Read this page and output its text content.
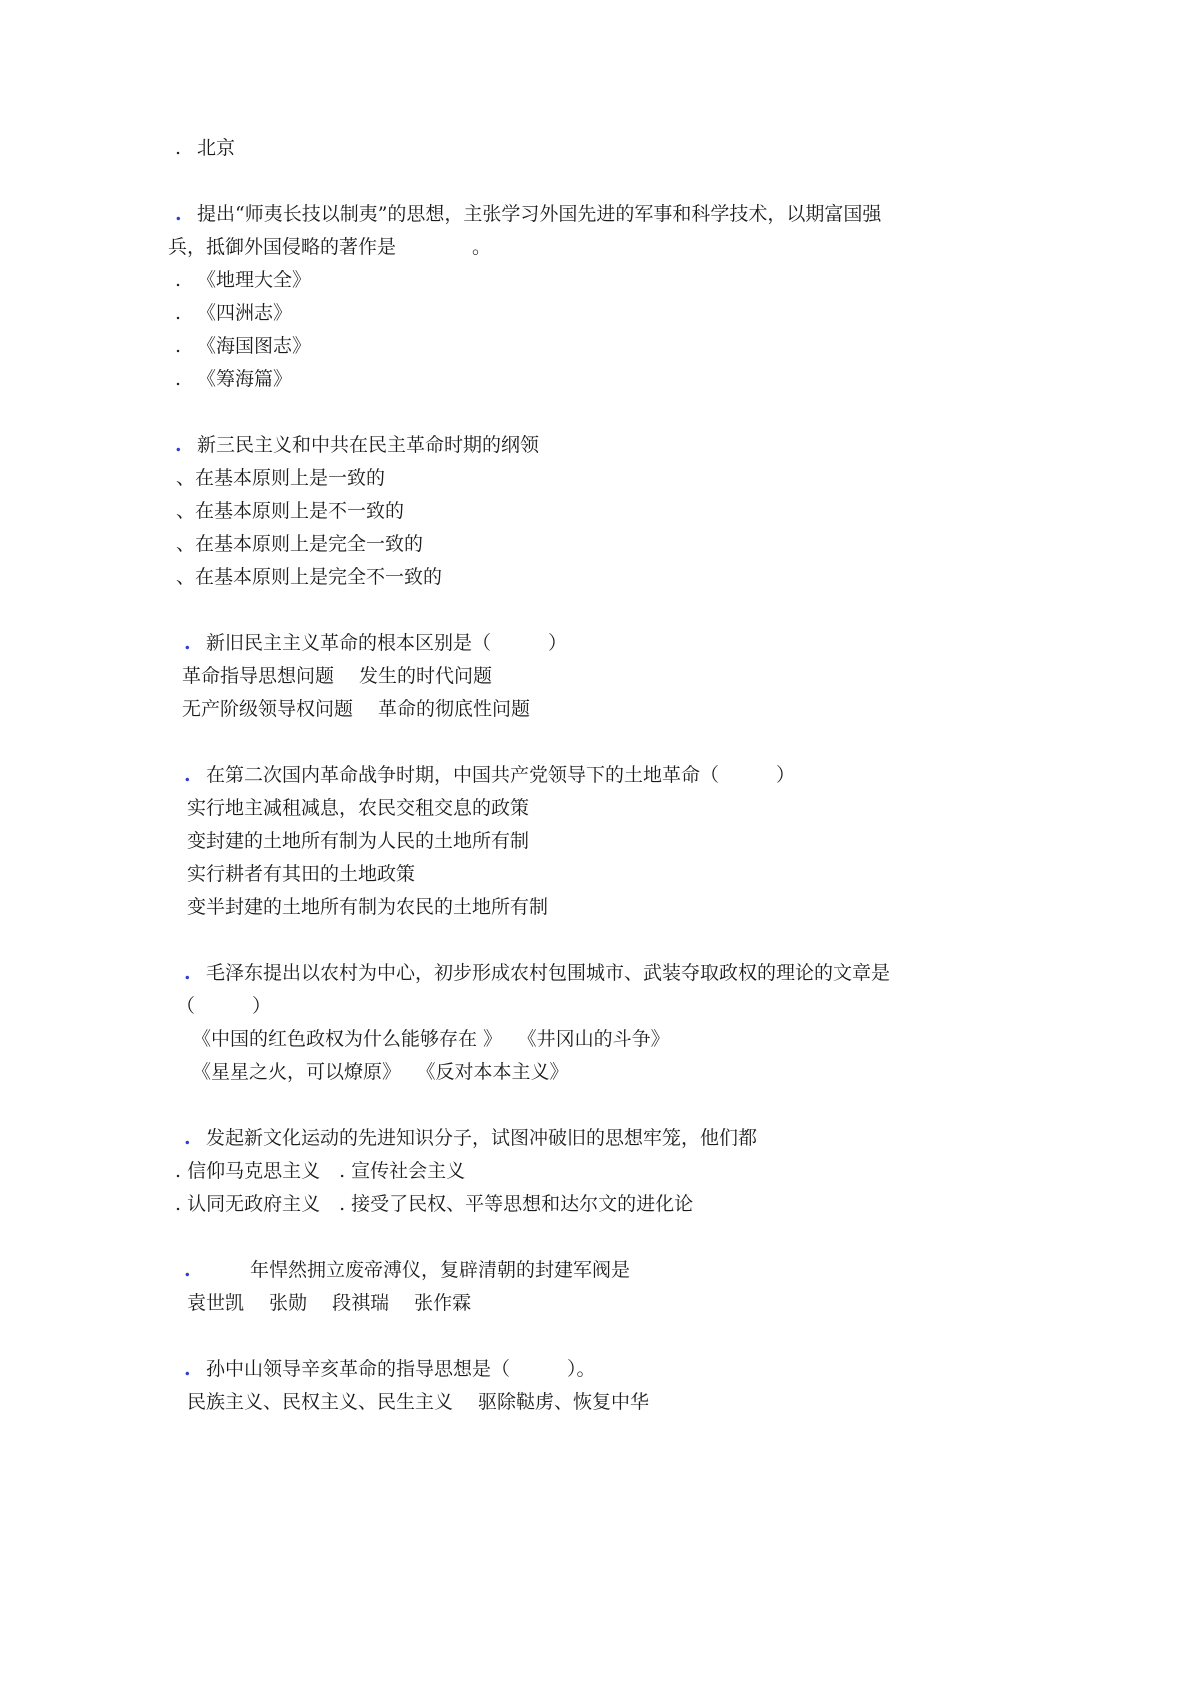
. 北京
. 提出“师夷长技以制夷”的思想，主张学习外国先进的军事和科学技术，以期富国强
兵，抵御外国侵略的著作是　　　　。
. 《地理大全》
. 《四洲志》
. 《海国图志》
. 《筹海篇》
. 新三民主义和中共在民主革命时期的纲领
、在基本原则上是一致的
、在基本原则上是不一致的
、在基本原则上是完全一致的
、在基本原则上是完全不一致的
. 新旧民主主义革命的根本区别是（　　　）
革命指导思想问题　 发生的时代问题
无产阶级领导权问题　 革命的彻底性问题
. 在第二次国内革命战争时期，中国共产党领导下的土地革命（　　　）
实行地主减租减息，农民交租交息的政策
变封建的土地所有制为人民的土地所有制
实行耕者有其田的土地政策
变半封建的土地所有制为农民的土地所有制
. 毛泽东提出以农村为中心，初步形成农村包围城市、武装夺取政权的理论的文章是
（　　　）
《中国的红色政权为什么能够存在 》　 《井冈山的斗争》
《星星之火，可以燎原》　 《反对本本主义》
. 发起新文化运动的先进知识分子，试图冲破旧的思想牢笼，他们都
. 信仰马克思主义　. 宣传社会主义
. 认同无政府主义　. 接受了民权、平等思想和达尔文的进化论
.　　 年悍然拥立废帝溥仪，复辟清朝的封建军阀是
袁世凯　 张勋　 段祺瑞　 张作霖
. 孙中山领导辛亥革命的指导思想是（　　　）。
民族主义、民权主义、民生主义　 驱除鞑虏、恢复中华
